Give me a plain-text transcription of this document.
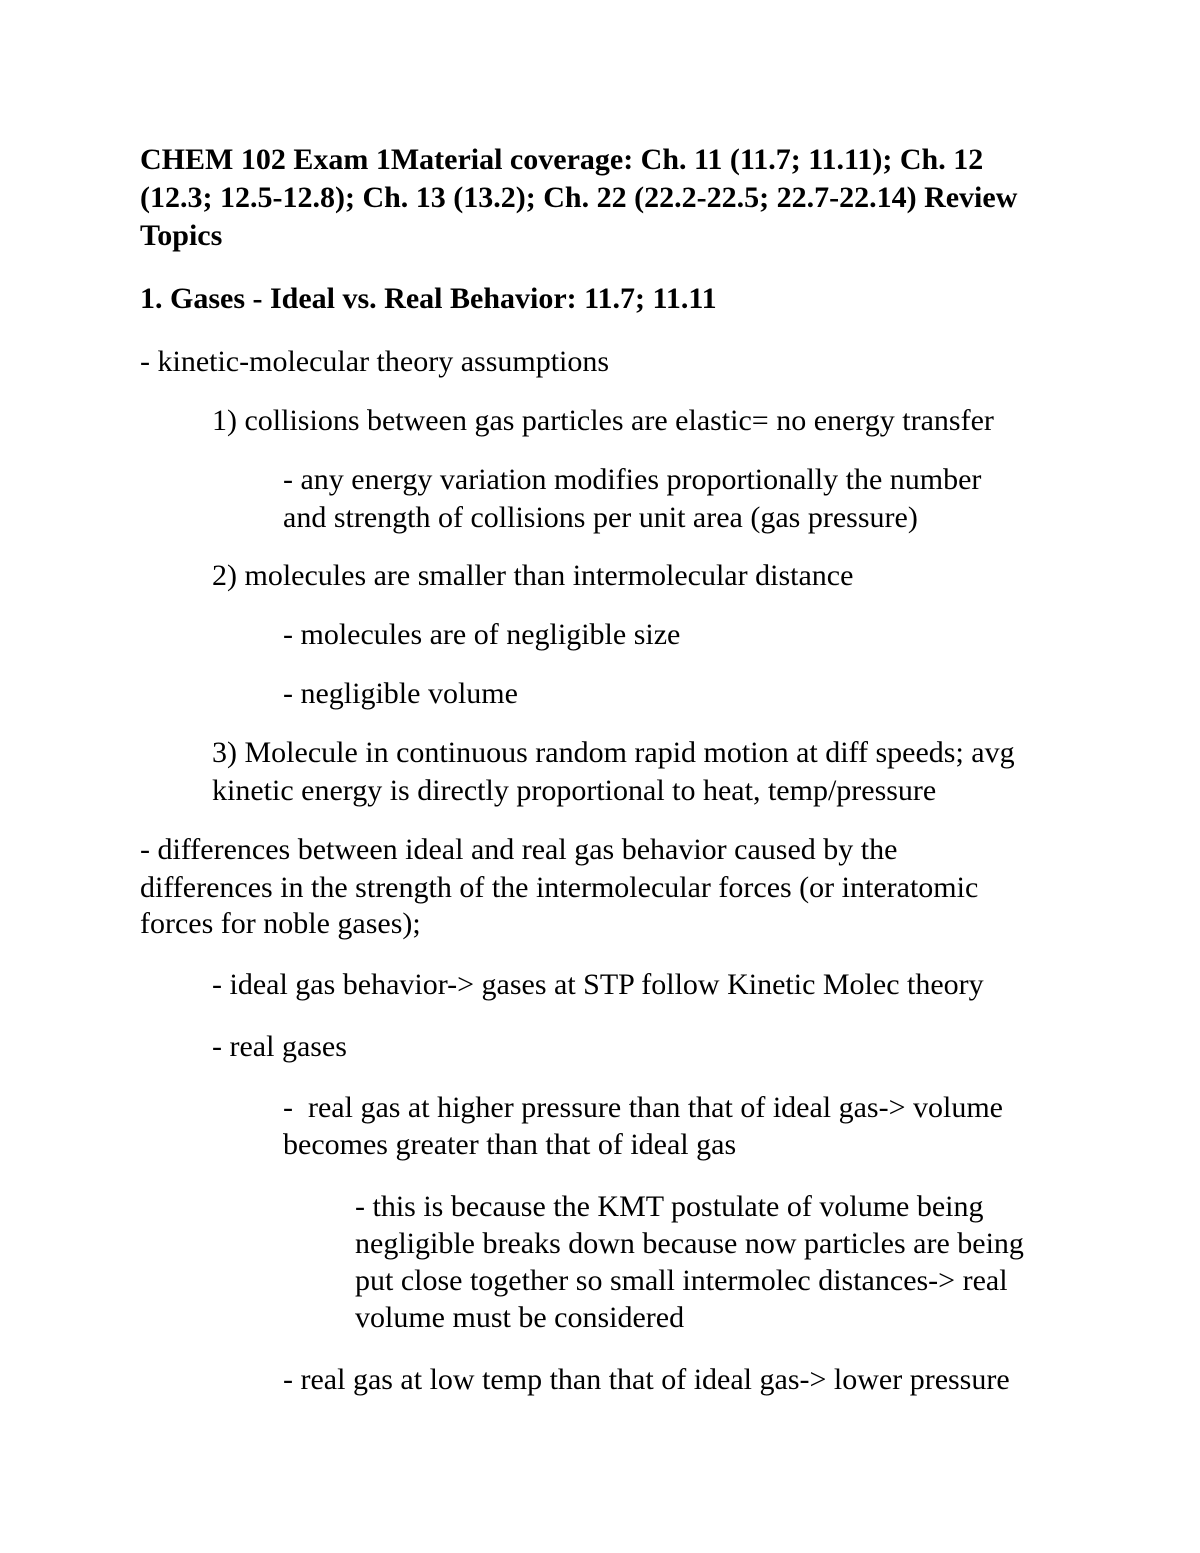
CHEM 102 Exam 1Material coverage: Ch. 11 (11.7; 11.11); Ch. 12
(12.3; 12.5-12.8); Ch. 13 (13.2); Ch. 22 (22.2-22.5; 22.7-22.14) Review
Topics
1. Gases - Ideal vs. Real Behavior: 11.7; 11.11
- kinetic-molecular theory assumptions
1) collisions between gas particles are elastic= no energy transfer
- any energy variation modifies proportionally the number
and strength of collisions per unit area (gas pressure)
2) molecules are smaller than intermolecular distance
- molecules are of negligible size
- negligible volume
3) Molecule in continuous random rapid motion at diff speeds; avg
kinetic energy is directly proportional to heat, temp/pressure
- differences between ideal and real gas behavior caused by the
differences in the strength of the intermolecular forces (or interatomic
forces for noble gases);
- ideal gas behavior-> gases at STP follow Kinetic Molec theory
- real gases
-  real gas at higher pressure than that of ideal gas-> volume
becomes greater than that of ideal gas
- this is because the KMT postulate of volume being
negligible breaks down because now particles are being
put close together so small intermolec distances-> real
volume must be considered
- real gas at low temp than that of ideal gas-> lower pressure
